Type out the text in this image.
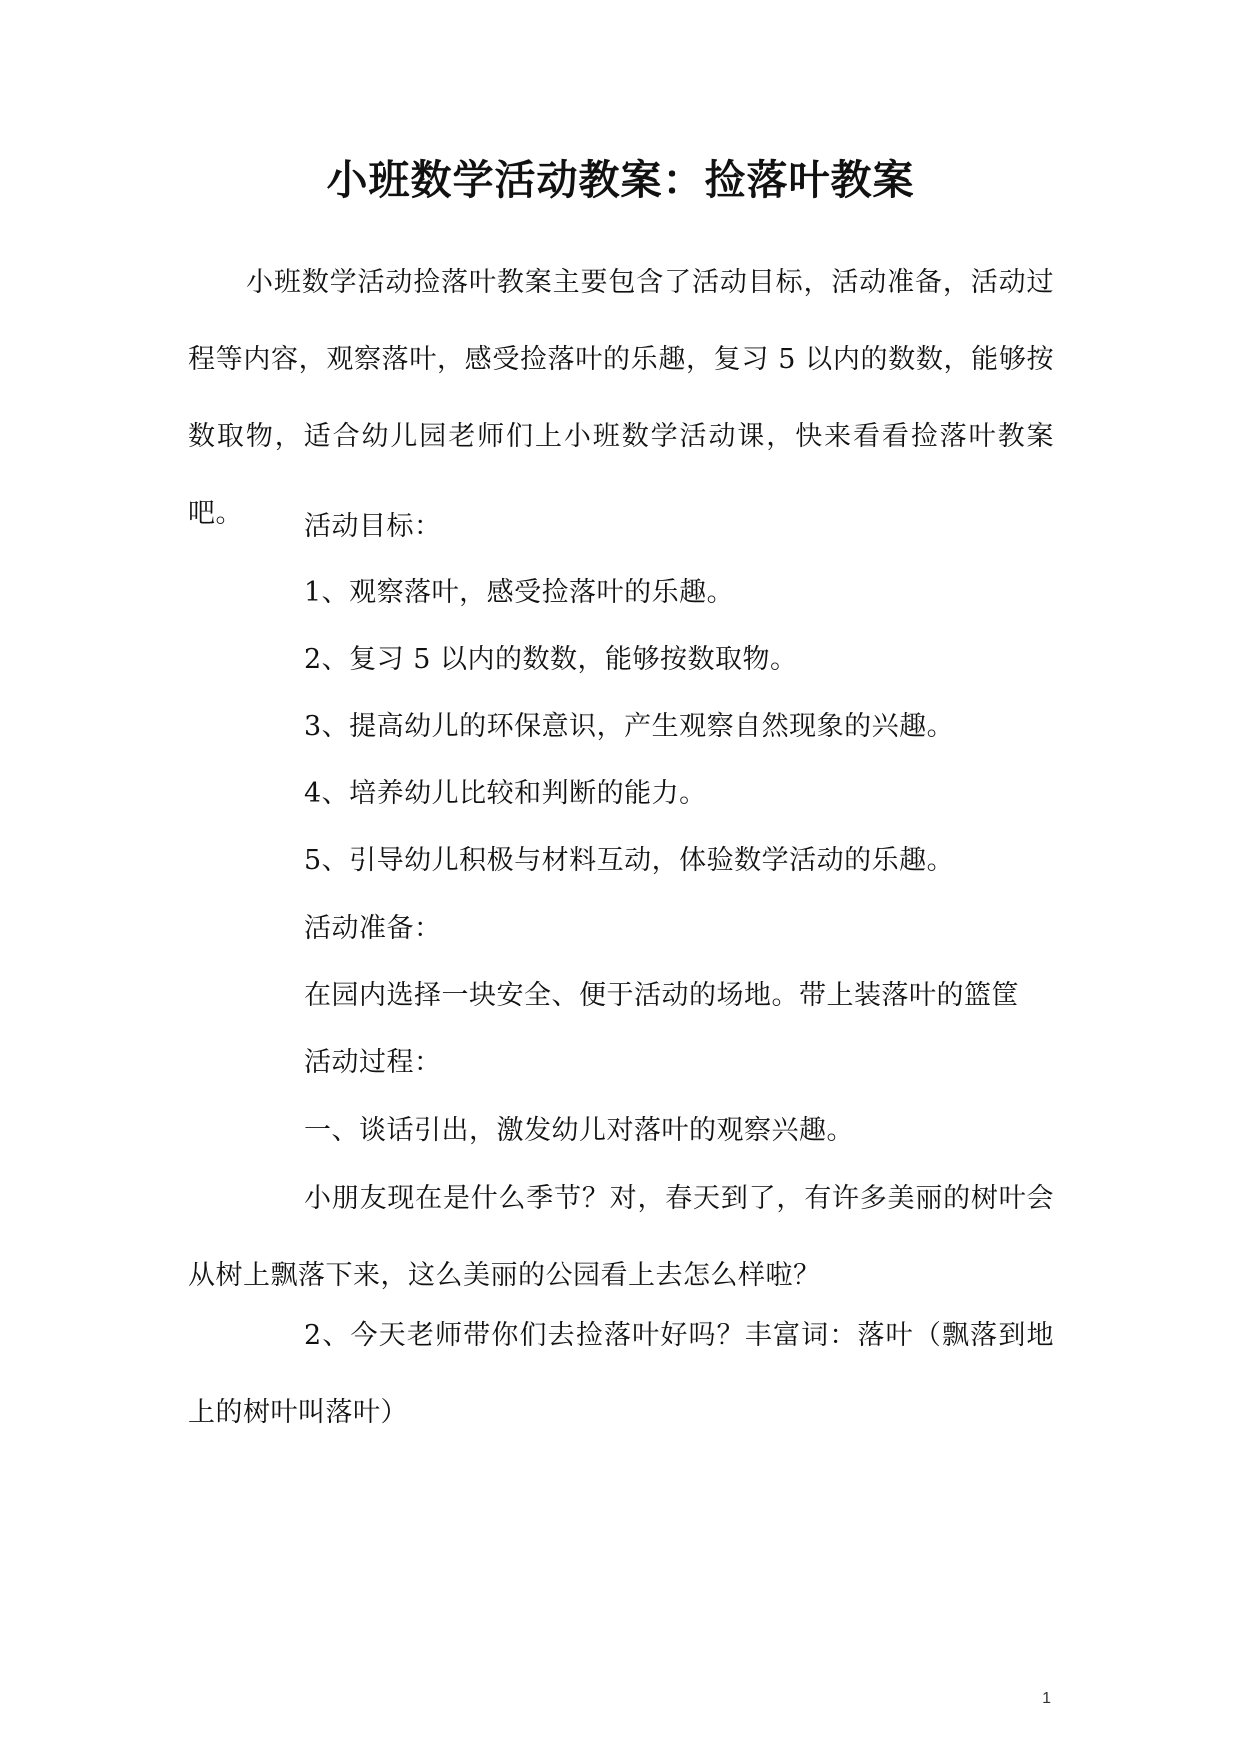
小班数学活动教案：捡落叶教案
小班数学活动捡落叶教案主要包含了活动目标，活动准备，活动过程等内容，观察落叶，感受捡落叶的乐趣，复习 5 以内的数数，能够按数取物，适合幼儿园老师们上小班数学活动课，快来看看捡落叶教案吧。	活动目标：
1、观察落叶，感受捡落叶的乐趣。
2、复习 5 以内的数数，能够按数取物。
3、提高幼儿的环保意识，产生观察自然现象的兴趣。
4、培养幼儿比较和判断的能力。
5、引导幼儿积极与材料互动，体验数学活动的乐趣。
活动准备：
在园内选择一块安全、便于活动的场地。带上装落叶的篮筐
活动过程：
一、谈话引出，激发幼儿对落叶的观察兴趣。
小朋友现在是什么季节？对，春天到了，有许多美丽的树叶会从树上飘落下来，这么美丽的公园看上去怎么样啦？
2、今天老师带你们去捡落叶好吗？丰富词：落叶（飘落到地上的树叶叫落叶）
1
